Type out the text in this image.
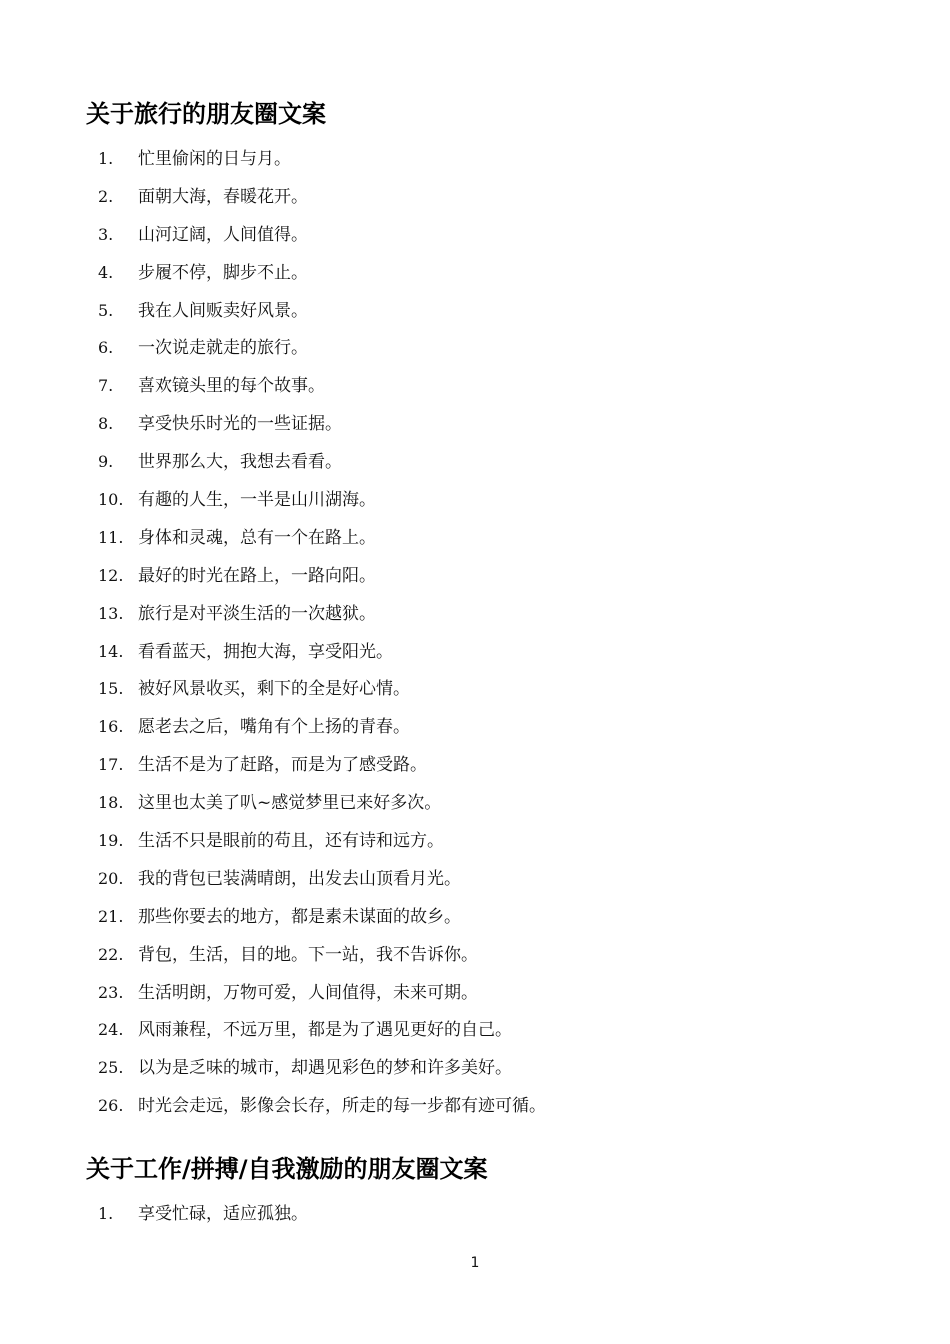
关于旅行的朋友圈文案
1. 忙里偷闲的日与月。
2. 面朝大海，春暖花开。
3. 山河辽阔，人间值得。
4. 步履不停，脚步不止。
5. 我在人间贩卖好风景。
6. 一次说走就走的旅行。
7. 喜欢镜头里的每个故事。
8. 享受快乐时光的一些证据。
9. 世界那么大，我想去看看。
10. 有趣的人生，一半是山川湖海。
11. 身体和灵魂，总有一个在路上。
12. 最好的时光在路上，一路向阳。
13. 旅行是对平淡生活的一次越狱。
14. 看看蓝天，拥抱大海，享受阳光。
15. 被好风景收买，剩下的全是好心情。
16. 愿老去之后，嘴角有个上扬的青春。
17. 生活不是为了赶路，而是为了感受路。
18. 这里也太美了叭~感觉梦里已来好多次。
19. 生活不只是眼前的苟且，还有诗和远方。
20. 我的背包已装满晴朗，出发去山顶看月光。
21. 那些你要去的地方，都是素未谋面的故乡。
22. 背包，生活，目的地。下一站，我不告诉你。
23. 生活明朗，万物可爱，人间值得，未来可期。
24. 风雨兼程，不远万里，都是为了遇见更好的自己。
25. 以为是乏味的城市，却遇见彩色的梦和许多美好。
26. 时光会走远，影像会长存，所走的每一步都有迹可循。
关于工作/拼搏/自我激励的朋友圈文案
1. 享受忙碌，适应孤独。
1
